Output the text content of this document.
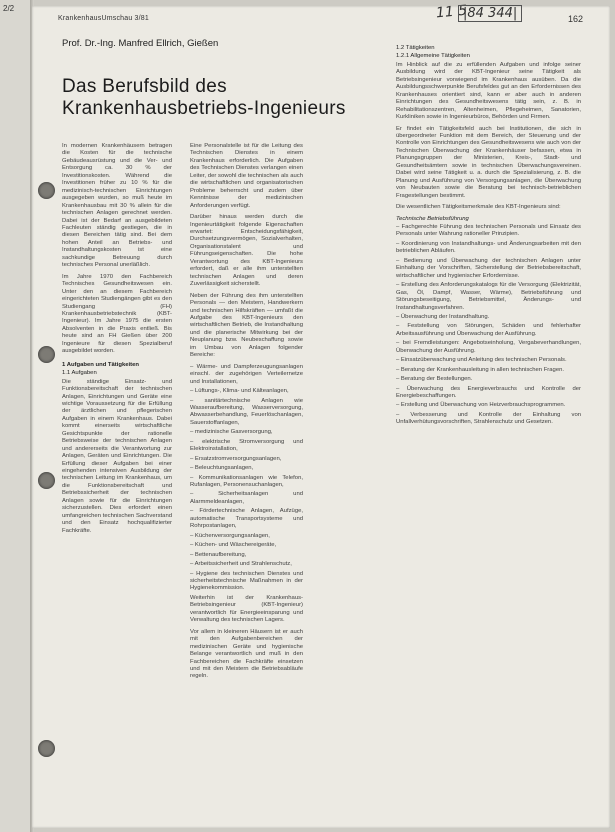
2/2
KrankenhausUmschau 3/81	162
11 5
|84 344|
Prof. Dr.-Ing. Manfred Ellrich, Gießen
Das Berufsbild des
Krankenhausbetriebs-Ingenieurs

In modernen Krankenhäusern betragen die Kosten für die technische Gebäudeausrüstung und die Ver- und Entsorgung ca. 30 % der Investitionskosten. Während die Investitionen früher zu 10 % für die medizinisch-technischen Einrichtungen ausgegeben wurden, so muß heute im Krankenhausbau mit 30 % allein für die technischen Anlagen gerechnet werden. Dabei ist der Bedarf an ausgebildeten Fachleuten ständig gestiegen, die in diesen Bereichen tätig sind. Bei dem hohen Anteil an Betriebs- und Instandhaltungskosten ist eine sachkundige Betreuung durch technisches Personal unerläßlich.

Im Jahre 1970 den Fachbereich Technisches Gesundheitswesen ein. Unter den an diesem Fachbereich eingerichteten Studiengängen gibt es den Studiengang (FH) Krankenhausbetriebstechnik (KBT-Ingenieur). Im Jahre 1975 die ersten Absolventen in die Praxis entließ. Bis heute sind an FH Gießen über 200 Ingenieure für diesen Spezialberuf ausgebildet worden.

1 Aufgaben und Tätigkeiten
1.1 Aufgaben

Die ständige Einsatz- und Funktionsbereitschaft der technischen Anlagen, Einrichtungen und Geräte eine wichtige Voraussetzung für die Erfüllung der ärztlichen und pflegerischen Aufgaben in einem Krankenhaus. Dabei kommt einerseits wirtschaftliche Gesichtspunkte der rationelle Betriebsweise der technischen Anlagen und andererseits die Verantwortung zur Anlagen, Geräten und Einrichtungen. Die Erfüllung dieser Aufgaben bei einer eingehenden intensiven Ausbildung der technischen Leitung im Krankenhaus, um die Funktionsbereitschaft und Betriebssicherheit der technischen Anlagen sowie für die Einrichtungen sicherzustellen. Dies erfordert einen umfangreichen technischen Sachverstand und den Einsatz hochqualifizierter Fachkräfte.

Eine Personalstelle ist für die Leitung des Technischen Dienstes in einem Krankenhaus erforderlich. Die Aufgaben des Technischen Dienstes verlangen einen Leiter, der sowohl die technischen als auch die wirtschaftlichen und organisatorischen Probleme beherrscht und zudem über Kenntnisse der medizinischen Anforderungen verfügt.

Darüber hinaus werden durch die Ingenieurtätigkeit folgende Eigenschaften erwartet: Entscheidungsfähigkeit, Durchsetzungsvermögen, Sozialverhalten, Organisationstalent und Führungseigenschaften. Die hohe Verantwortung des KBT-Ingenieurs erfordert, daß er alle ihm unterstellten technischen Anlagen und deren Zuverlässigkeit sicherstellt.

Neben der Führung des ihm unterstellten Personals — den Meistern, Handwerkern und technischen Hilfskräften — umfaßt die Aufgabe des KBT-Ingenieurs den wirtschaftlichen Betrieb, die Instandhaltung und die planerische Mitwirkung bei der Neuplanung bzw. Neubeschaffung sowie im Umbau von Anlagen folgender Bereiche:

– Wärme- und Dampferzeugungsanlagen einschl. der zugehörigen Verteilernetze und Installationen,
– Lüftungs-, Klima- und Kälteanlagen,
– sanitärtechnische Anlagen wie Wasseraufbereitung, Wasserversorgung, Abwasserbehandlung, Feuerlöschanlagen, Sauerstoffanlagen,
– medizinische Gasversorgung,
– elektrische Stromversorgung und Elektroinstallation,
– Ersatzstromversorgungsanlagen,
– Beleuchtungsanlagen,
– Kommunikationsanlagen wie Telefon, Rufanlagen, Personensuchanlagen,
– Sicherheitsanlagen und Alarmmeldeanlagen,
– Fördertechnische Anlagen, Aufzüge, automatische Transportsysteme und Rohrpostanlagen,
– Küchenversorgungsanlagen,
– Küchen- und Wäschereigeräte,
– Bettenaufbereitung,
– Arbeitssicherheit und Strahlenschutz,
– Hygiene des technischen Dienstes und sicherheitstechnische Maßnahmen in der Hygienekommission.

Weiterhin ist der Krankenhaus-Betriebsingenieur (KBT-Ingenieur) verantwortlich für Energieeinsparung und Verwaltung des technischen Lagers.

Vor allem in kleineren Häusern ist er auch mit den Aufgabenbereichen der medizinischen Geräte und hygienische Belange verantwortlich und muß in den Fachbereichen die Fachkräfte einsetzen und mit den Meistern die Betriebsabläufe regeln.

1.2 Tätigkeiten
1.2.1 Allgemeine Tätigkeiten

Im Hinblick auf die zu erfüllenden Aufgaben und infolge seiner Ausbildung wird der KBT-Ingenieur seine Tätigkeit als Betriebsingenieur vorwiegend im Krankenhaus ausüben. Da die Ausbildungsschwerpunkte Berufsfeldes gut an den Erfordernissen des Krankenhauses orientiert sind, kann er aber auch in anderen Einrichtungen des Gesundheitswesens tätig sein, z. B. in Rehabilitationszentren, Altenheimen, Pflegeheimen, Sanatorien, Kurkliniken sowie in Ingenieurbüros, Behörden und Firmen.

Er findet ein Tätigkeitsfeld auch bei Institutionen, die sich in übergeordneter Funktion mit dem Bereich, der Steuerung und der Kontrolle von Einrichtungen des Gesundheitswesens wie auch von der Technischen Überwachung der Krankenhäuser befassen, etwa in Planungsgruppen der Ministerien, Kreis-, Stadt- und Gesundheitsämtern sowie in technischen Überwachungsvereinen. Dabei wird seine Tätigkeit u. a. durch die Spezialisierung, z. B. die Planung und Ausführung von Versorgungsanlagen, die Überwachung von Neubauten sowie die Beratung bei technisch-betrieblichen Fragestellungen bestimmt.

Die wesentlichen Tätigkeitsmerkmale des KBT-Ingenieurs sind:

Technische Betriebsführung
– Fachgerechte Führung des technischen Personals und Einsatz des Personals unter Wahrung rationeller Prinzipien.
– Koordinierung von Instandhaltungs- und Änderungsarbeiten mit den betrieblichen Abläufen.
– Bedienung und Überwachung der technischen Anlagen unter Einhaltung der Vorschriften, Sicherstellung der Betriebsbereitschaft, wirtschaftlicher und hygienischer Erfordernisse.
– Erstellung des Anforderungskatalogs für die Versorgung (Elektrizität, Gas, Öl, Dampf, Wasser, Wärme), Betriebsführung und Störungsbeseitigung, Betriebsmittel, Änderungs- und Instandhaltungsverfahren.
– Überwachung der Instandhaltung.
– Feststellung von Störungen, Schäden und fehlerhafter Arbeitsausführung und Überwachung der Ausführung.
– bei Fremdleistungen: Angebotseinholung, Vergabeverhandlungen, Überwachung der Ausführung.
– Einsatzüberwachung und Anleitung des technischen Personals.
– Beratung der Krankenhausleitung in allen technischen Fragen.
– Beratung der Bestellungen.
– Überwachung des Energieverbrauchs und Kontrolle der Energiebeschaffungen.
– Erstellung und Überwachung von Heizverbrauchsprogrammen.
– Verbesserung und Kontrolle der Einhaltung von Unfallverhütungsvorschriften, Strahlenschutz und Gesetzen.
